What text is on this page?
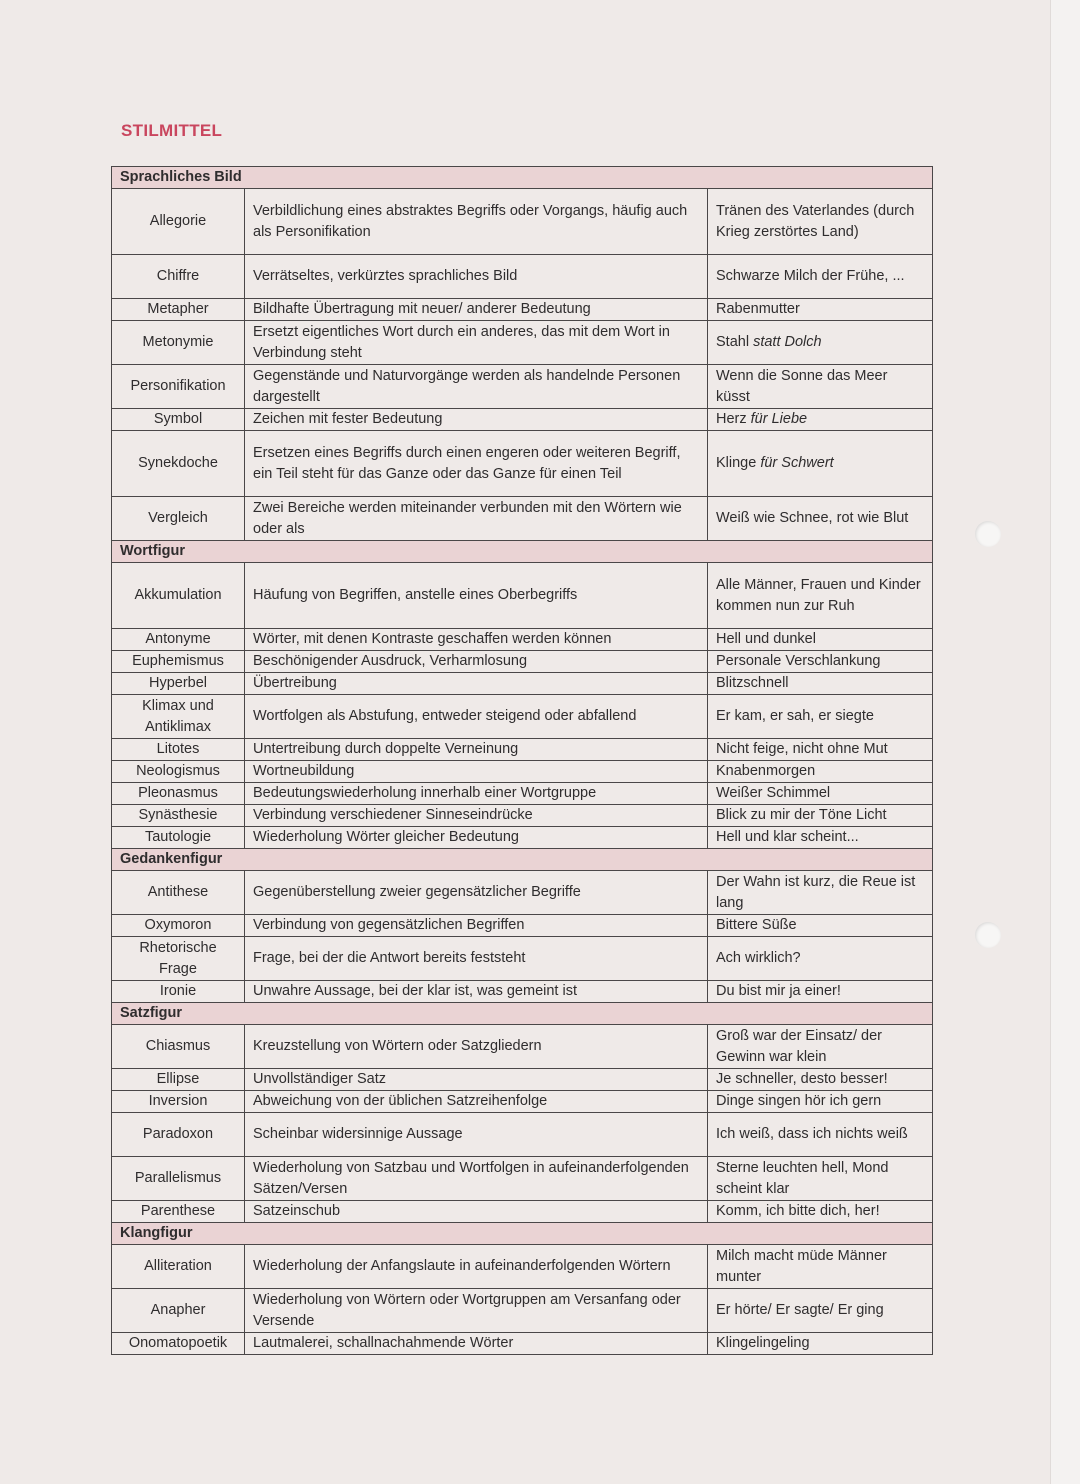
STILMITTEL
Sprachliches Bild		
Allegorie	Verbildlichung eines abstraktes Begriffs oder Vorgangs, häufig auch als Personifikation	Tränen des Vaterlandes (durch Krieg zerstörtes Land)
Chiffre	Verrätseltes, verkürztes sprachliches Bild	Schwarze Milch der Frühe, ...
Metapher	Bildhafte Übertragung mit neuer/ anderer Bedeutung	Rabenmutter
Metonymie	Ersetzt eigentliches Wort durch ein anderes, das mit dem Wort in Verbindung steht	Stahl statt Dolch
Personifikation	Gegenstände und Naturvorgänge werden als handelnde Personen dargestellt	Wenn die Sonne das Meer küsst
Symbol	Zeichen mit fester Bedeutung	Herz für Liebe
Synekdoche	Ersetzen eines Begriffs durch einen engeren oder weiteren Begriff, ein Teil steht für das Ganze oder das Ganze für einen Teil	Klinge für Schwert
Vergleich	Zwei Bereiche werden miteinander verbunden mit den Wörtern wie oder als	Weiß wie Schnee, rot wie Blut
Wortfigur		
Akkumulation	Häufung von Begriffen, anstelle eines Oberbegriffs	Alle Männer, Frauen und Kinder kommen nun zur Ruh
Antonyme	Wörter, mit denen Kontraste geschaffen werden können	Hell und dunkel
Euphemismus	Beschönigender Ausdruck, Verharmlosung	Personale Verschlankung
Hyperbel	Übertreibung	Blitzschnell
Klimax und Antiklimax	Wortfolgen als Abstufung, entweder steigend oder abfallend	Er kam, er sah, er siegte
Litotes	Untertreibung durch doppelte Verneinung	Nicht feige, nicht ohne Mut
Neologismus	Wortneubildung	Knabenmorgen
Pleonasmus	Bedeutungswiederholung innerhalb einer Wortgruppe	Weißer Schimmel
Synästhesie	Verbindung verschiedener Sinneseindrücke	Blick zu mir der Töne Licht
Tautologie	Wiederholung Wörter gleicher Bedeutung	Hell und klar scheint...
Gedankenfigur		
Antithese	Gegenüberstellung zweier gegensätzlicher Begriffe	Der Wahn ist kurz, die Reue ist lang
Oxymoron	Verbindung von gegensätzlichen Begriffen	Bittere Süße
Rhetorische Frage	Frage, bei der die Antwort bereits feststeht	Ach wirklich?
Ironie	Unwahre Aussage, bei der klar ist, was gemeint ist	Du bist mir ja einer!
Satzfigur		
Chiasmus	Kreuzstellung von Wörtern oder Satzgliedern	Groß war der Einsatz/ der Gewinn war klein
Ellipse	Unvollständiger Satz	Je schneller, desto besser!
Inversion	Abweichung von der üblichen Satzreihenfolge	Dinge singen hör ich gern
Paradoxon	Scheinbar widersinnige Aussage	Ich weiß, dass ich nichts weiß
Parallelismus	Wiederholung von Satzbau und Wortfolgen in aufeinanderfolgenden Sätzen/Versen	Sterne leuchten hell, Mond scheint klar
Parenthese	Satzeinschub	Komm, ich bitte dich, her!
Klangfigur		
Alliteration	Wiederholung der Anfangslaute in aufeinanderfolgenden Wörtern	Milch macht müde Männer munter
Anapher	Wiederholung von Wörtern oder Wortgruppen am Versanfang oder Versende	Er hörte/ Er sagte/ Er ging
Onomatopoetik	Lautmalerei, schallnachahmende Wörter	Klingelingeling
